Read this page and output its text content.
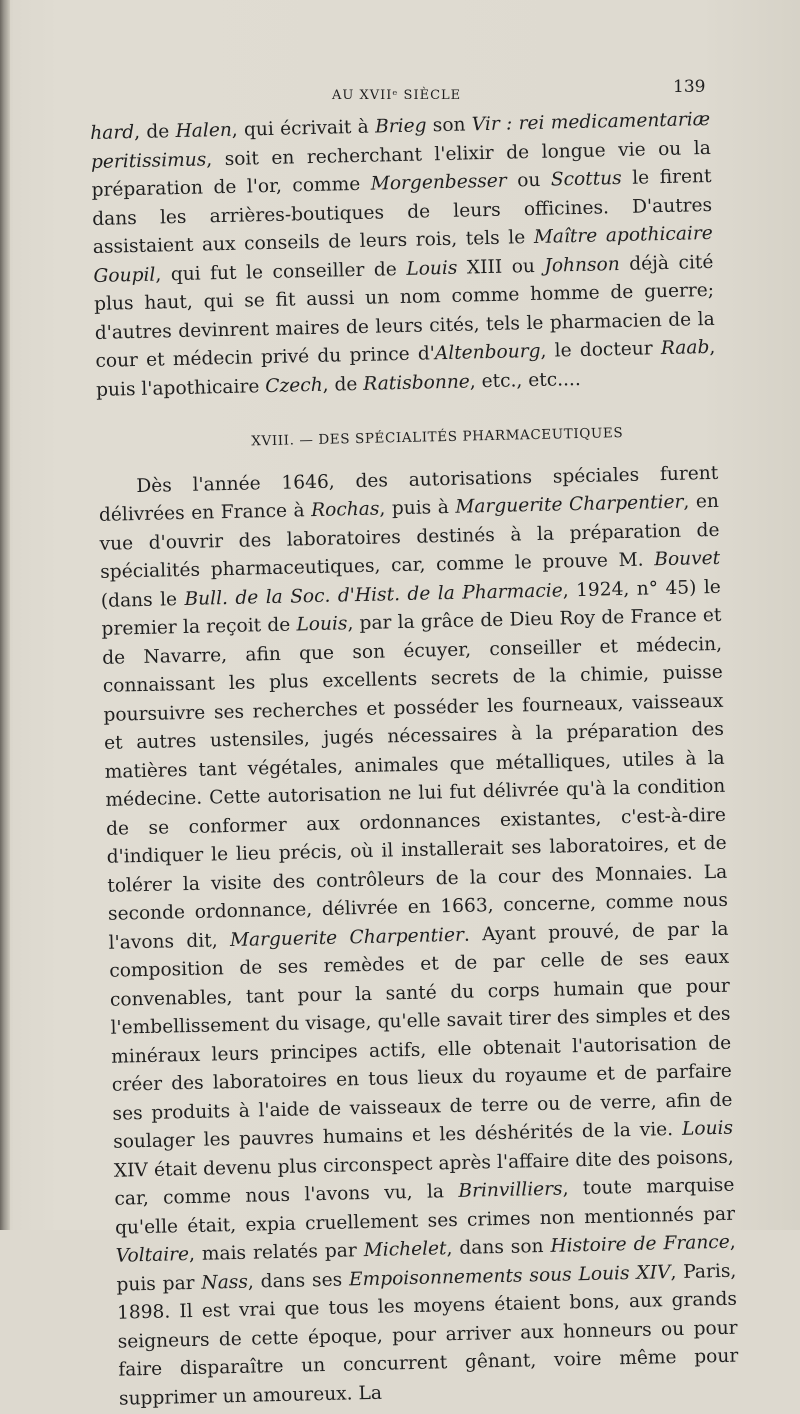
AU XVIIᵉ SIÈCLE	139

hard, de Halen, qui écrivait à Brieg son Vir : rei medicamentariæ peritissimus, soit en recherchant l'elixir de longue vie ou la préparation de l'or, comme Morgenbesser ou Scottus le firent dans les arrières-boutiques de leurs officines. D'autres assistaient aux conseils de leurs rois, tels le Maître apothicaire Goupil, qui fut le conseiller de Louis XIII ou Johnson déjà cité plus haut, qui se fit aussi un nom comme homme de guerre; d'autres devinrent maires de leurs cités, tels le pharmacien de la cour et médecin privé du prince d'Altenbourg, le docteur Raab, puis l'apothicaire Czech, de Ratisbonne, etc., etc....

XVIII. — DES SPÉCIALITÉS PHARMACEUTIQUES

Dès l'année 1646, des autorisations spéciales furent délivrées en France à Rochas, puis à Marguerite Charpentier, en vue d'ouvrir des laboratoires destinés à la préparation de spécialités pharmaceutiques, car, comme le prouve M. Bouvet (dans le Bull. de la Soc. d'Hist. de la Pharmacie, 1924, n° 45) le premier la reçoit de Louis, par la grâce de Dieu Roy de France et de Navarre, afin que son écuyer, conseiller et médecin, connaissant les plus excellents secrets de la chimie, puisse poursuivre ses recherches et posséder les fourneaux, vaisseaux et autres ustensiles, jugés nécessaires à la préparation des matières tant végétales, animales que métalliques, utiles à la médecine. Cette autorisation ne lui fut délivrée qu'à la condition de se conformer aux ordonnances existantes, c'est-à-dire d'indiquer le lieu précis, où il installerait ses laboratoires, et de tolérer la visite des contrôleurs de la cour des Monnaies. La seconde ordonnance, délivrée en 1663, concerne, comme nous l'avons dit, Marguerite Charpentier. Ayant prouvé, de par la composition de ses remèdes et de par celle de ses eaux convenables, tant pour la santé du corps humain que pour l'embellissement du visage, qu'elle savait tirer des simples et des minéraux leurs principes actifs, elle obtenait l'autorisation de créer des laboratoires en tous lieux du royaume et de parfaire ses produits à l'aide de vaisseaux de terre ou de verre, afin de soulager les pauvres humains et les déshérités de la vie. Louis XIV était devenu plus circonspect après l'affaire dite des poisons, car, comme nous l'avons vu, la Brinvilliers, toute marquise qu'elle était, expia cruellement ses crimes non mentionnés par Voltaire, mais relatés par Michelet, dans son Histoire de France, puis par Nass, dans ses Empoisonnements sous Louis XIV, Paris, 1898. Il est vrai que tous les moyens étaient bons, aux grands seigneurs de cette époque, pour arriver aux honneurs ou pour faire disparaître un concurrent gênant, voire même pour supprimer un amoureux. La
